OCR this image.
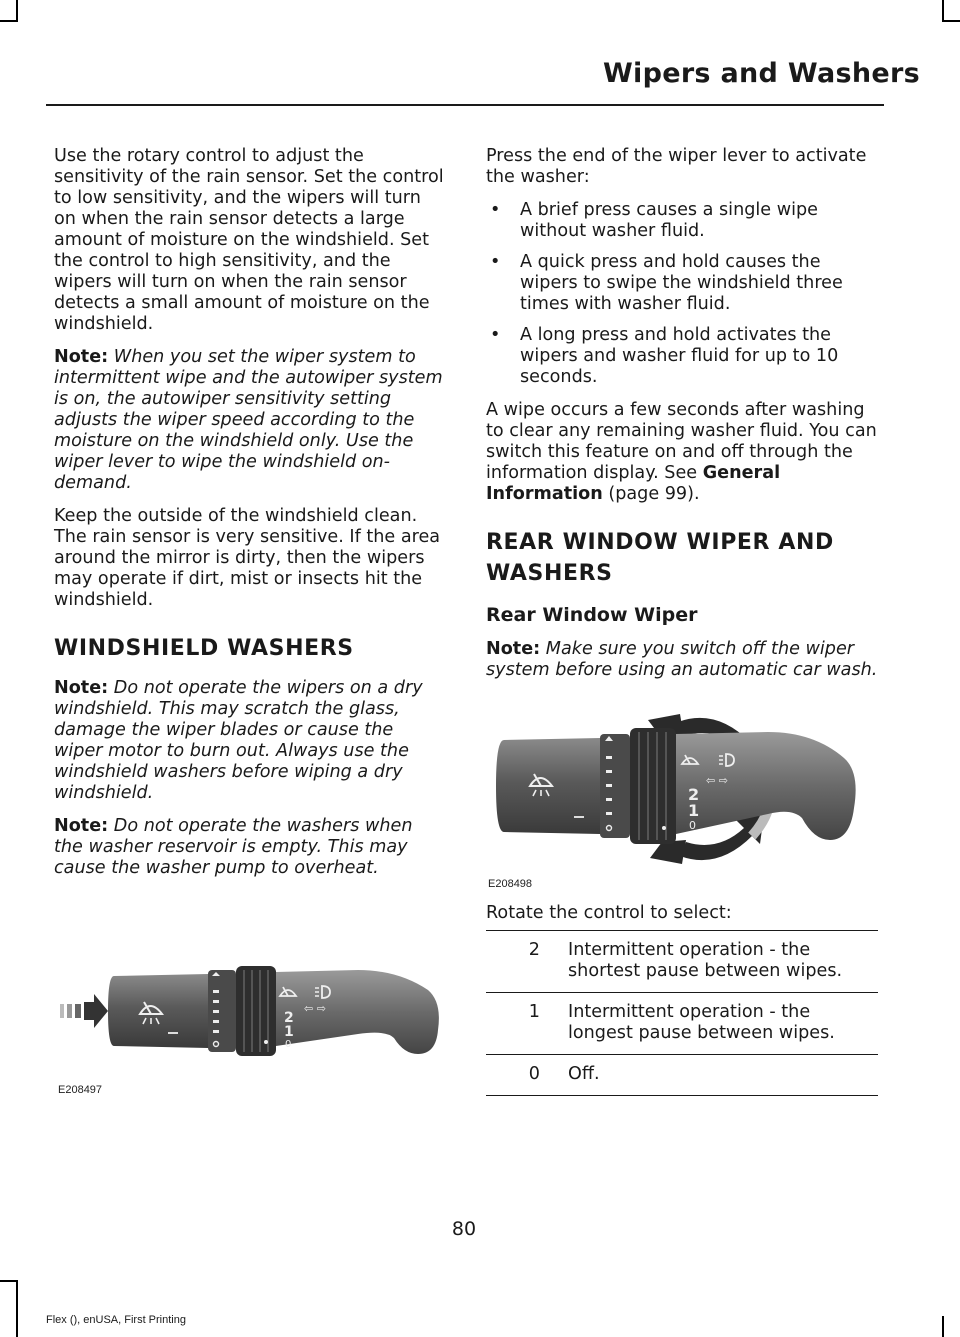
Wipers and Washers

Use the rotary control to adjust the sensitivity of the rain sensor. Set the control to low sensitivity, and the wipers will turn on when the rain sensor detects a large amount of moisture on the windshield. Set the control to high sensitivity, and the wipers will turn on when the rain sensor detects a small amount of moisture on the windshield.

Note: When you set the wiper system to intermittent wipe and the autowiper system is on, the autowiper sensitivity setting adjusts the wiper speed according to the moisture on the windshield only. Use the wiper lever to wipe the windshield on-demand.

Keep the outside of the windshield clean. The rain sensor is very sensitive. If the area around the mirror is dirty, then the wipers may operate if dirt, mist or insects hit the windshield.

WINDSHIELD WASHERS

Note: Do not operate the wipers on a dry windshield. This may scratch the glass, damage the wiper blades or cause the wiper motor to burn out. Always use the windshield washers before wiping a dry windshield.

Note: Do not operate the washers when the washer reservoir is empty. This may cause the washer pump to overheat.

⇦ ⇨
2
1
0
E208497

Press the end of the wiper lever to activate the washer:

• A brief press causes a single wipe without washer fluid.
• A quick press and hold causes the wipers to swipe the windshield three times with washer fluid.
• A long press and hold activates the wipers and washer fluid for up to 10 seconds.

A wipe occurs a few seconds after washing to clear any remaining washer fluid. You can switch this feature on and off through the information display. See General Information (page 99).

REAR WINDOW WIPER AND WASHERS
Rear Window Wiper

Note: Make sure you switch off the wiper system before using an automatic car wash.

⇦ ⇨
2
1
0
E208498

Rotate the control to select:

2	Intermittent operation - the shortest pause between wipes.
1	Intermittent operation - the longest pause between wipes.
0	Off.
80
Flex (), enUSA, First Printing
